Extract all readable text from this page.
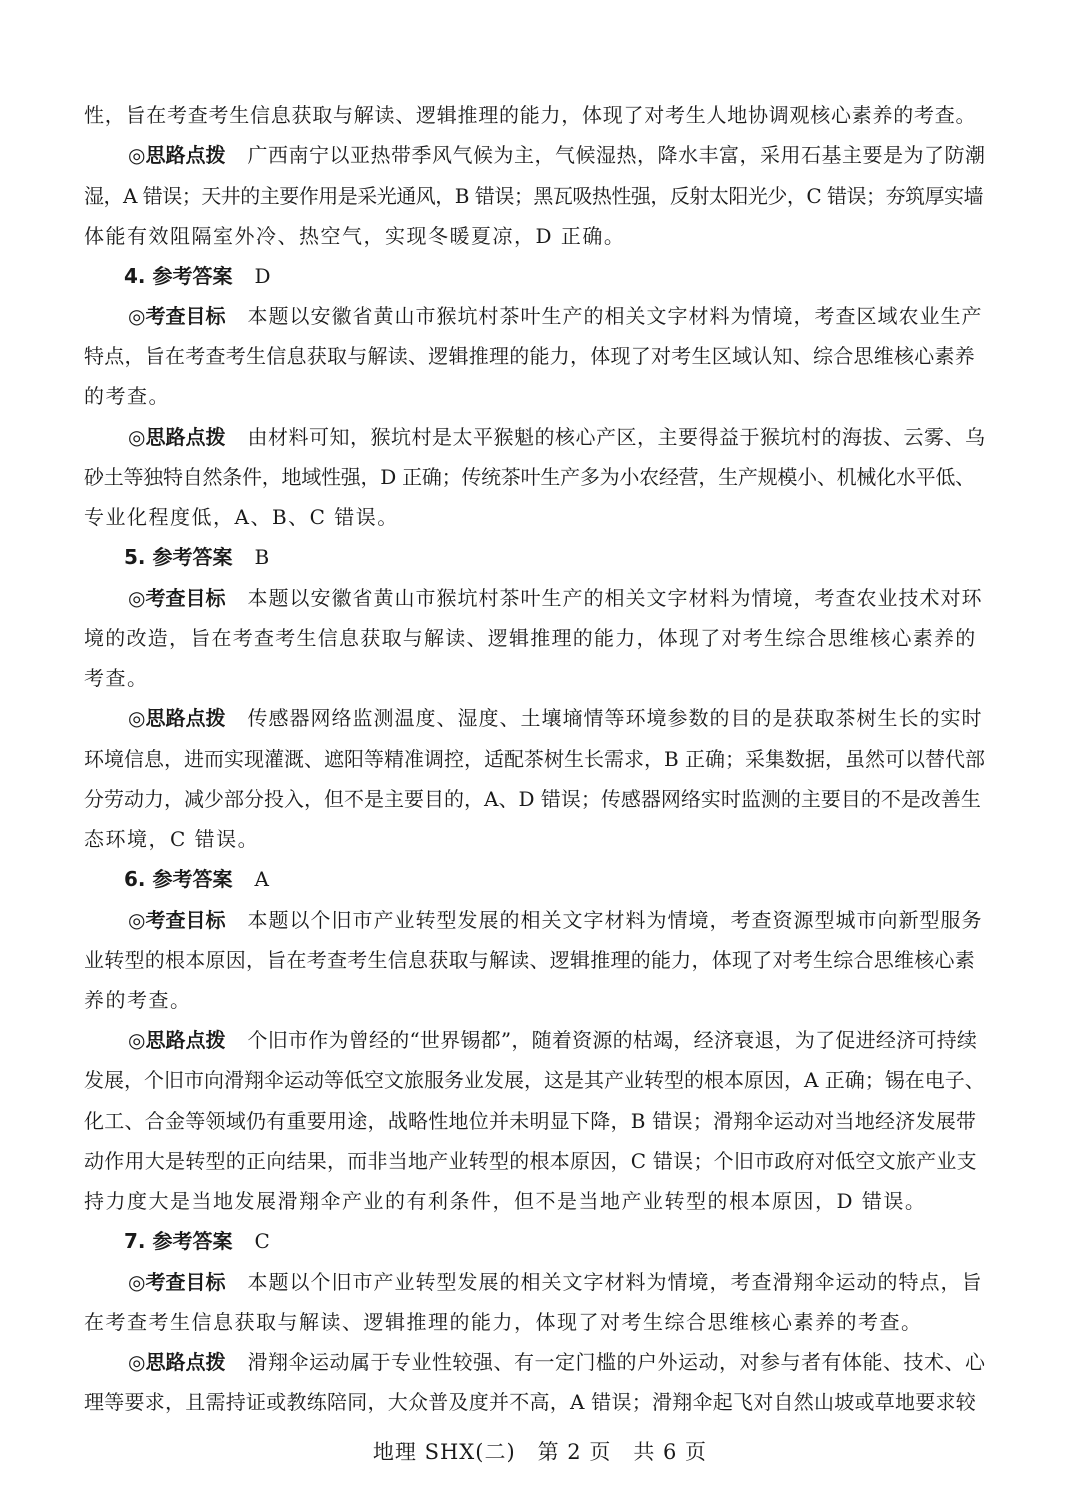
性，旨在考查考生信息获取与解读、逻辑推理的能力，体现了对考生人地协调观核心素养的考查。
◎思路点拨 广西南宁以亚热带季风气候为主，气候湿热，降水丰富，采用石基主要是为了防潮
湿，A 错误；天井的主要作用是采光通风，B 错误；黑瓦吸热性强，反射太阳光少，C 错误；夯筑厚实墙
体能有效阻隔室外冷、热空气，实现冬暖夏凉，D 正确。
4. 参考答案 D
◎考查目标 本题以安徽省黄山市猴坑村茶叶生产的相关文字材料为情境，考查区域农业生产
特点，旨在考查考生信息获取与解读、逻辑推理的能力，体现了对考生区域认知、综合思维核心素养
的考查。
◎思路点拨 由材料可知，猴坑村是太平猴魁的核心产区，主要得益于猴坑村的海拔、云雾、乌
砂土等独特自然条件，地域性强，D 正确；传统茶叶生产多为小农经营，生产规模小、机械化水平低、
专业化程度低，A、B、C 错误。
5. 参考答案 B
◎考查目标 本题以安徽省黄山市猴坑村茶叶生产的相关文字材料为情境，考查农业技术对环
境的改造，旨在考查考生信息获取与解读、逻辑推理的能力，体现了对考生综合思维核心素养的
考查。
◎思路点拨 传感器网络监测温度、湿度、土壤墒情等环境参数的目的是获取茶树生长的实时
环境信息，进而实现灌溉、遮阳等精准调控，适配茶树生长需求，B 正确；采集数据，虽然可以替代部
分劳动力，减少部分投入，但不是主要目的，A、D 错误；传感器网络实时监测的主要目的不是改善生
态环境，C 错误。
6. 参考答案 A
◎考查目标 本题以个旧市产业转型发展的相关文字材料为情境，考查资源型城市向新型服务
业转型的根本原因，旨在考查考生信息获取与解读、逻辑推理的能力，体现了对考生综合思维核心素
养的考查。
◎思路点拨 个旧市作为曾经的“世界锡都”，随着资源的枯竭，经济衰退，为了促进经济可持续
发展，个旧市向滑翔伞运动等低空文旅服务业发展，这是其产业转型的根本原因，A 正确；锡在电子、
化工、合金等领域仍有重要用途，战略性地位并未明显下降，B 错误；滑翔伞运动对当地经济发展带
动作用大是转型的正向结果，而非当地产业转型的根本原因，C 错误；个旧市政府对低空文旅产业支
持力度大是当地发展滑翔伞产业的有利条件，但不是当地产业转型的根本原因，D 错误。
7. 参考答案 C
◎考查目标 本题以个旧市产业转型发展的相关文字材料为情境，考查滑翔伞运动的特点，旨
在考查考生信息获取与解读、逻辑推理的能力，体现了对考生综合思维核心素养的考查。
◎思路点拨 滑翔伞运动属于专业性较强、有一定门槛的户外运动，对参与者有体能、技术、心
理等要求，且需持证或教练陪同，大众普及度并不高，A 错误；滑翔伞起飞对自然山坡或草地要求较
地理 SHX(二)　第 2 页　共 6 页
